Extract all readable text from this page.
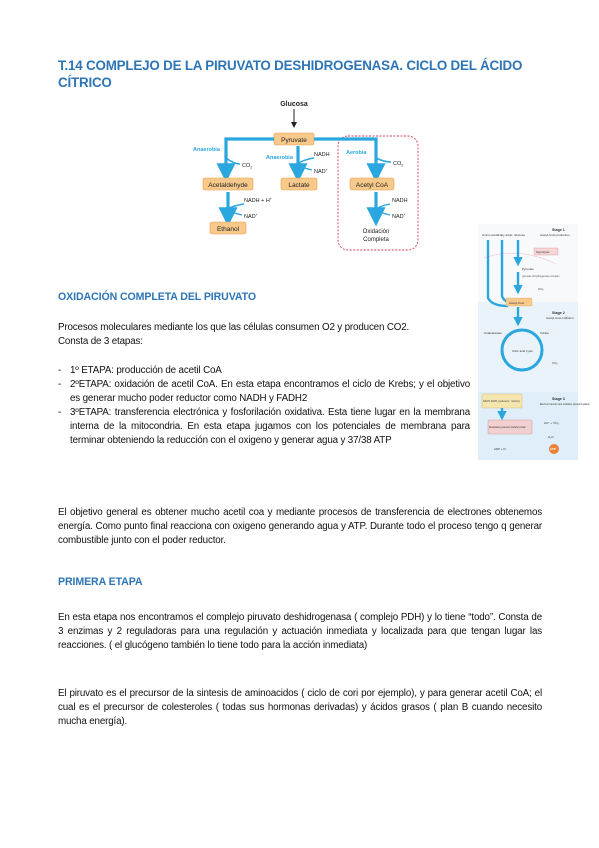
T.14 COMPLEJO DE LA PIRUVATO DESHIDROGENASA. CICLO DEL ÁCIDO CÍTRICO
Glucosa
Pyruvate
Anaerobia
$CO_2$
Anaerobia	NADH
NAD+
Aerobia
$CO_2$
Acetaldehyde	Lactate	Acetyl CoA
NADH + H+
NAD+
Ethanol
NADH
NAD+
Oxidación
Completa
Stage 1
Acetyl-CoA production
Amino acids Fatty acids Glucose
Glycolysis
Pyruvate
pyruvate dehydrogenase complex
CO₂
Acetyl-CoA
Stage 2
Acetyl-CoA oxidation
Oxaloacetate	Citrate
Citric acid cycle
CO₂
Stage 3
Electron transfer and oxidative phosphorylation
NADH, FADH₂ (reduced e⁻ carriers)
Respiratory (electron-transfer) chain
2H⁺ + ½O₂
H₂O
ADP + Pᵢ	ATP
OXIDACIÓN COMPLETA DEL PIRUVATO

Procesos moleculares mediante los que las células consumen O2 y producen CO2.

Consta de 3 etapas:

- 1º ETAPA: producción de acetil CoA
- 2ºETAPA: oxidación de acetil CoA. En esta etapa encontramos el ciclo de Krebs; y el objetivo es generar mucho poder reductor como NADH y FADH2
- 3ºETAPA: transferencia electrónica y fosforilación oxidativa. Esta tiene lugar en la membrana interna de la mitocondria. En esta etapa jugamos con los potenciales de membrana para terminar obteniendo la reducción con el oxigeno y generar agua y 37/38 ATP

El objetivo general es obtener mucho acetil coa y mediante procesos de transferencia de electrones obtenemos energía. Como punto final reacciona con oxigeno generando agua y ATP. Durante todo el proceso tengo q generar combustible junto con el poder reductor.

PRIMERA ETAPA

En esta etapa nos encontramos el complejo piruvato deshidrogenasa ( complejo PDH) y lo tiene “todo”. Consta de 3 enzimas y 2 reguladoras para una regulación y actuación inmediata y localizada para que tengan lugar las reacciones. ( el glucógeno también lo tiene todo para la acción inmediata)

El piruvato es el precursor de la sintesis de aminoacidos ( ciclo de cori por ejemplo), y para generar acetil CoA; el cual es el precursor de colesteroles ( todas sus hormonas derivadas) y ácidos grasos ( plan B cuando necesito mucha energía).
